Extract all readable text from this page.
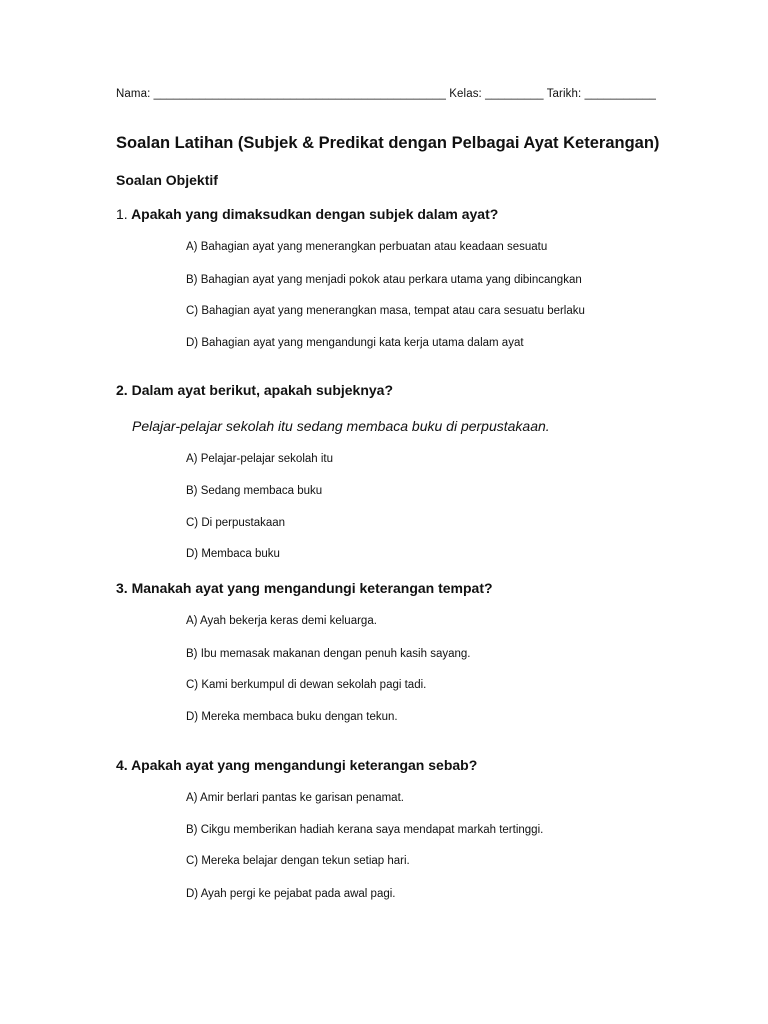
Nama: _____________________________________________ Kelas: _________ Tarikh: ___________
Soalan Latihan (Subjek & Predikat dengan Pelbagai Ayat Keterangan)
Soalan Objektif
1. Apakah yang dimaksudkan dengan subjek dalam ayat?
A) Bahagian ayat yang menerangkan perbuatan atau keadaan sesuatu
B) Bahagian ayat yang menjadi pokok atau perkara utama yang dibincangkan
C) Bahagian ayat yang menerangkan masa, tempat atau cara sesuatu berlaku
D) Bahagian ayat yang mengandungi kata kerja utama dalam ayat
2. Dalam ayat berikut, apakah subjeknya?
Pelajar-pelajar sekolah itu sedang membaca buku di perpustakaan.
A) Pelajar-pelajar sekolah itu
B) Sedang membaca buku
C) Di perpustakaan
D) Membaca buku
3. Manakah ayat yang mengandungi keterangan tempat?
A) Ayah bekerja keras demi keluarga.
B) Ibu memasak makanan dengan penuh kasih sayang.
C) Kami berkumpul di dewan sekolah pagi tadi.
D) Mereka membaca buku dengan tekun.
4. Apakah ayat yang mengandungi keterangan sebab?
A) Amir berlari pantas ke garisan penamat.
B) Cikgu memberikan hadiah kerana saya mendapat markah tertinggi.
C) Mereka belajar dengan tekun setiap hari.
D) Ayah pergi ke pejabat pada awal pagi.
